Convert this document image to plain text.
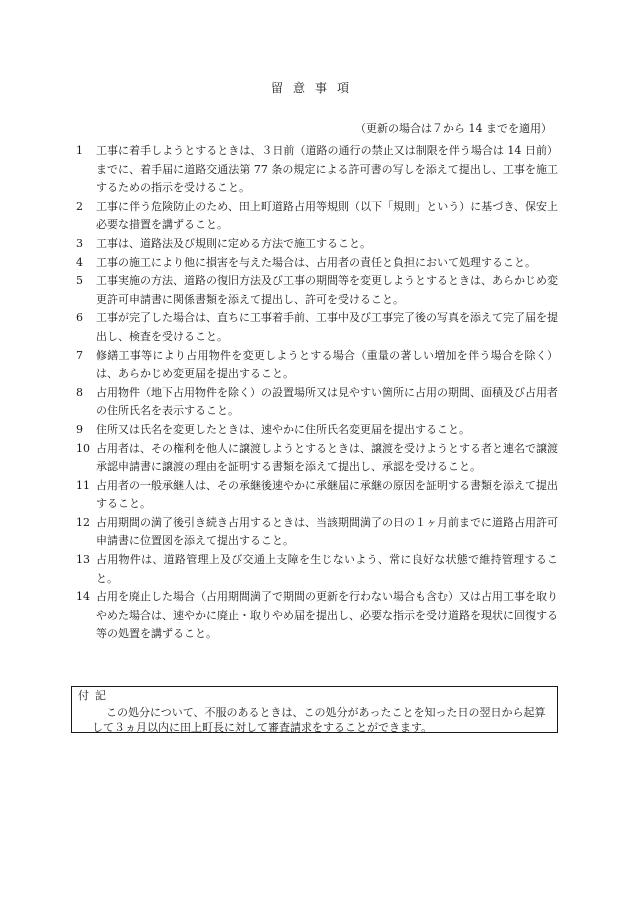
留意事項
（更新の場合は７から 14 までを適用）
1	工事に着手しようとするときは、３日前（道路の通行の禁止又は制限を伴う場合は 14 日前）までに、着手届に道路交通法第 77 条の規定による許可書の写しを添えて提出し、工事を施工するための指示を受けること。
2	工事に伴う危険防止のため、田上町道路占用等規則（以下「規則」という）に基づき、保安上必要な措置を講ずること。
3	工事は、道路法及び規則に定める方法で施工すること。
4	工事の施工により他に損害を与えた場合は、占用者の責任と負担において処理すること。
5	工事実施の方法、道路の復旧方法及び工事の期間等を変更しようとするときは、あらかじめ変更許可申請書に関係書類を添えて提出し、許可を受けること。
6	工事が完了した場合は、直ちに工事着手前、工事中及び工事完了後の写真を添えて完了届を提出し、検査を受けること。
7	修繕工事等により占用物件を変更しようとする場合（重量の著しい増加を伴う場合を除く）は、あらかじめ変更届を提出すること。
8	占用物件（地下占用物件を除く）の設置場所又は見やすい箇所に占用の期間、面積及び占用者の住所氏名を表示すること。
9	住所又は氏名を変更したときは、速やかに住所氏名変更届を提出すること。
10 占用者は、その権利を他人に譲渡しようとするときは、譲渡を受けようとする者と連名で譲渡承認申請書に譲渡の理由を証明する書類を添えて提出し、承認を受けること。
11 占用者の一般承継人は、その承継後速やかに承継届に承継の原因を証明する書類を添えて提出すること。
12 占用期間の満了後引き続き占用するときは、当該期間満了の日の１ヶ月前までに道路占用許可申請書に位置図を添えて提出すること。
13 占用物件は、道路管理上及び交通上支障を生じないよう、常に良好な状態で維持管理すること。
14 占用を廃止した場合（占用期間満了で期間の更新を行わない場合も含む）又は占用工事を取りやめた場合は、速やかに廃止・取りやめ届を提出し、必要な指示を受け道路を現状に回復する等の処置を講ずること。
付記
この処分について、不服のあるときは、この処分があったことを知った日の翌日から起算して３ヵ月以内に田上町長に対して審査請求をすることができます。
